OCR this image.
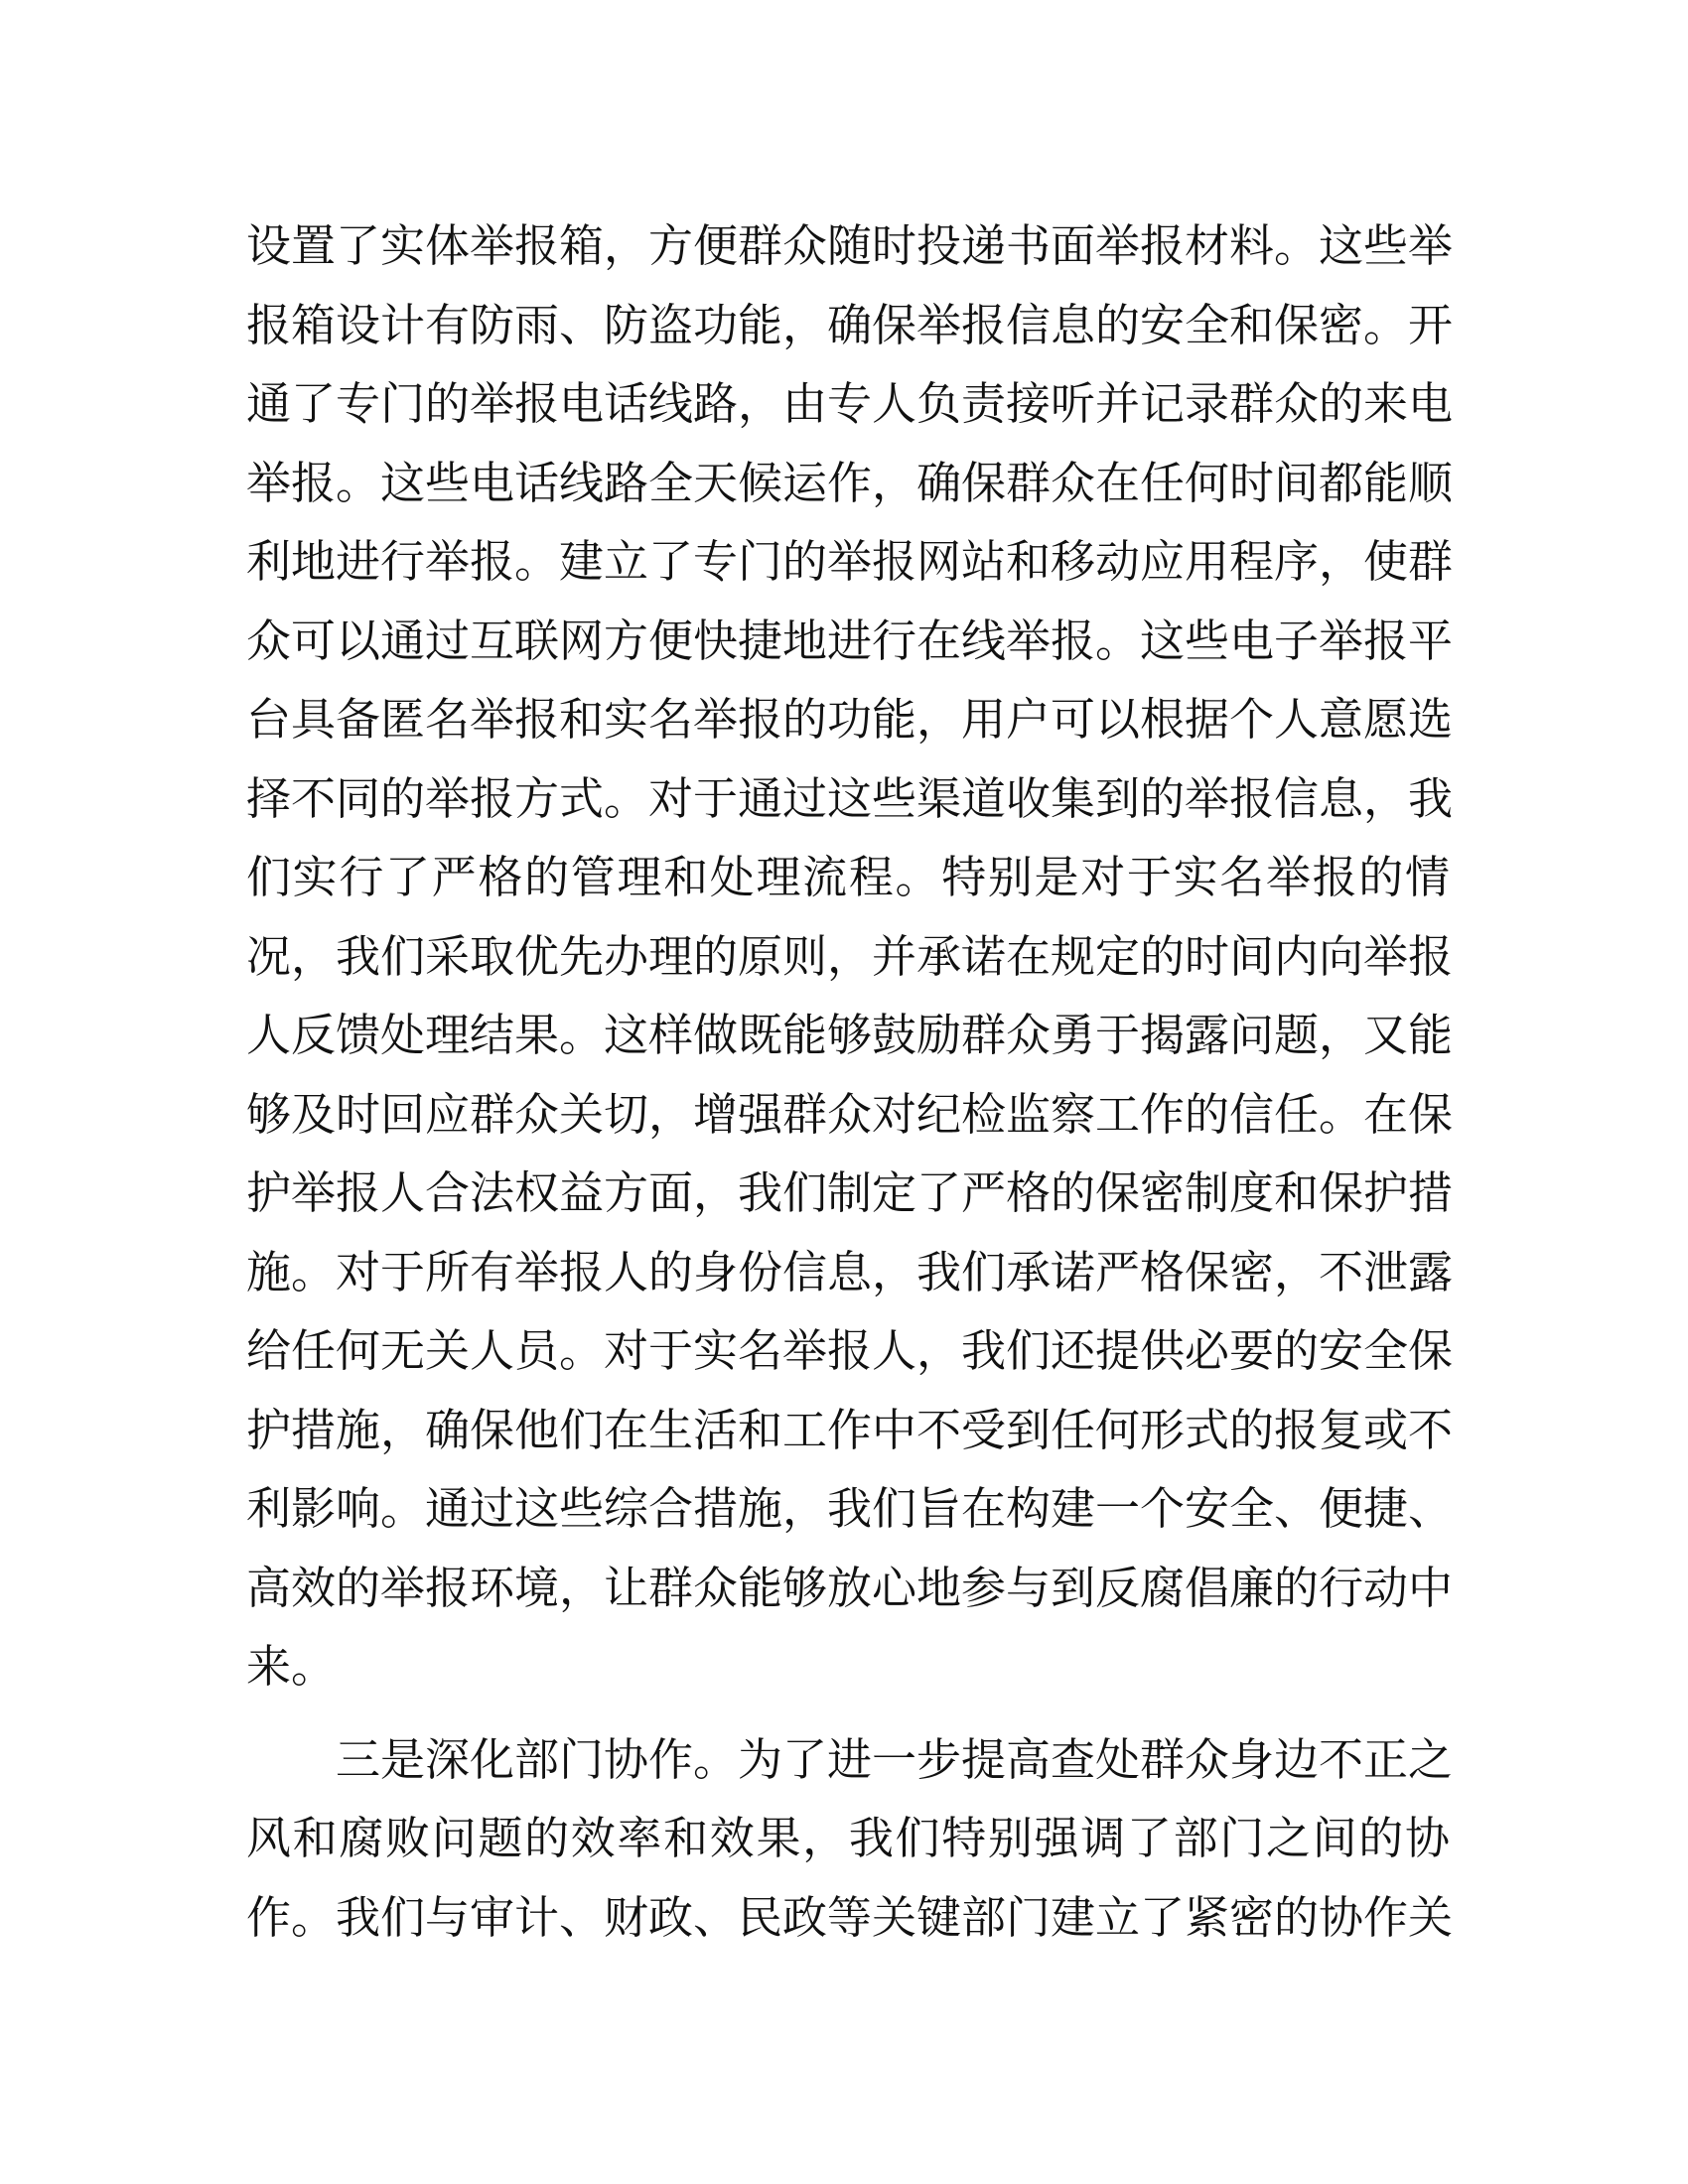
设置了实体举报箱，方便群众随时投递书面举报材料。这些举
报箱设计有防雨、防盗功能，确保举报信息的安全和保密。开
通了专门的举报电话线路，由专人负责接听并记录群众的来电
举报。这些电话线路全天候运作，确保群众在任何时间都能顺
利地进行举报。建立了专门的举报网站和移动应用程序，使群
众可以通过互联网方便快捷地进行在线举报。这些电子举报平
台具备匿名举报和实名举报的功能，用户可以根据个人意愿选
择不同的举报方式。对于通过这些渠道收集到的举报信息，我
们实行了严格的管理和处理流程。特别是对于实名举报的情
况，我们采取优先办理的原则，并承诺在规定的时间内向举报
人反馈处理结果。这样做既能够鼓励群众勇于揭露问题，又能
够及时回应群众关切，增强群众对纪检监察工作的信任。在保
护举报人合法权益方面，我们制定了严格的保密制度和保护措
施。对于所有举报人的身份信息，我们承诺严格保密，不泄露
给任何无关人员。对于实名举报人，我们还提供必要的安全保
护措施，确保他们在生活和工作中不受到任何形式的报复或不
利影响。通过这些综合措施，我们旨在构建一个安全、便捷、
高效的举报环境，让群众能够放心地参与到反腐倡廉的行动中
来。
三是深化部门协作。为了进一步提高查处群众身边不正之
风和腐败问题的效率和效果，我们特别强调了部门之间的协
作。我们与审计、财政、民政等关键部门建立了紧密的协作关
